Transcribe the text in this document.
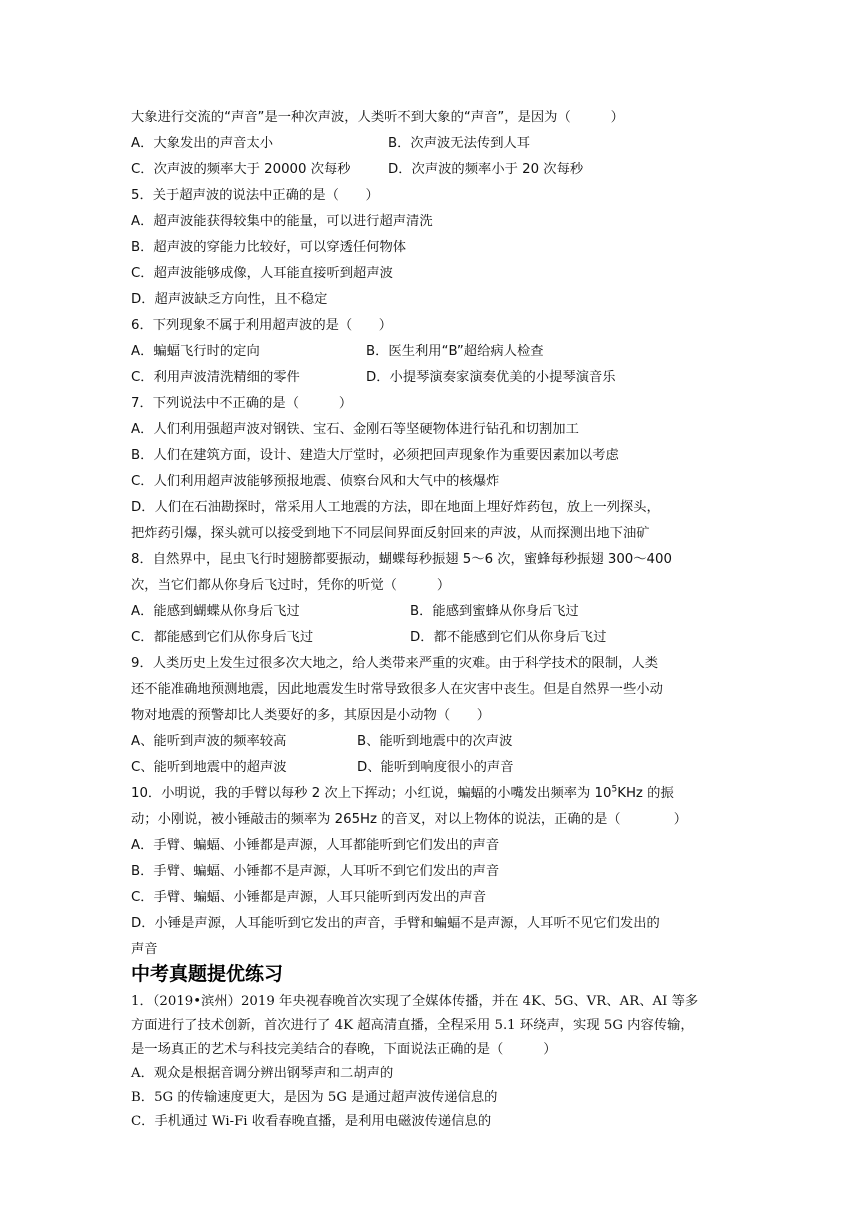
大象进行交流的“声音”是一种次声波，人类听不到大象的“声音”，是因为（　　　）
A．大象发出的声音太小	B．次声波无法传到人耳
C．次声波的频率大于 20000 次每秒	D．次声波的频率小于 20 次每秒
5．关于超声波的说法中正确的是（　　）
A．超声波能获得较集中的能量，可以进行超声清洗
B．超声波的穿能力比较好，可以穿透任何物体
C．超声波能够成像，人耳能直接听到超声波
D．超声波缺乏方向性，且不稳定
6．下列现象不属于利用超声波的是（　　）
A．蝙蝠飞行时的定向	B．医生利用“B”超给病人检查
C．利用声波清洗精细的零件	D．小提琴演奏家演奏优美的小提琴演音乐
7．下列说法中不正确的是（　　　）
A．人们利用强超声波对钢铁、宝石、金刚石等坚硬物体进行钻孔和切割加工
B．人们在建筑方面，设计、建造大厅堂时，必须把回声现象作为重要因素加以考虑
C．人们利用超声波能够预报地震、侦察台风和大气中的核爆炸
D．人们在石油勘探时，常采用人工地震的方法，即在地面上埋好炸药包，放上一列探头，
把炸药引爆，探头就可以接受到地下不同层间界面反射回来的声波，从而探测出地下油矿
8．自然界中，昆虫飞行时翅膀都要振动，蝴蝶每秒振翅 5～6 次，蜜蜂每秒振翅 300～400
次，当它们都从你身后飞过时，凭你的听觉（　　　）
A．能感到蝴蝶从你身后飞过	B．能感到蜜蜂从你身后飞过
C．都能感到它们从你身后飞过	D．都不能感到它们从你身后飞过
9．人类历史上发生过很多次大地之，给人类带来严重的灾难。由于科学技术的限制，人类
还不能准确地预测地震，因此地震发生时常导致很多人在灾害中丧生。但是自然界一些小动
物对地震的预警却比人类要好的多，其原因是小动物（　　）
A、能听到声波的频率较高	B、能听到地震中的次声波
C、能听到地震中的超声波	D、能听到响度很小的声音
10．小明说，我的手臂以每秒 2 次上下挥动；小红说，蝙蝠的小嘴发出频率为 $10^5KHz$ 的振
动；小刚说，被小锤敲击的频率为 265Hz 的音叉，对以上物体的说法，正确的是（　　　　）
A．手臂、蝙蝠、小锤都是声源，人耳都能听到它们发出的声音
B．手臂、蝙蝠、小锤都不是声源，人耳听不到它们发出的声音
C．手臂、蝙蝠、小锤都是声源，人耳只能听到丙发出的声音
D．小锤是声源，人耳能听到它发出的声音，手臂和蝙蝠不是声源，人耳听不见它们发出的
声音
中考真题提优练习
1．（2019•滨州）2019 年央视春晚首次实现了全媒体传播，并在 4K、5G、VR、AR、AI 等多
方面进行了技术创新，首次进行了 4K 超高清直播，全程采用 5.1 环绕声，实现 5G 内容传输，
是一场真正的艺术与科技完美结合的春晚，下面说法正确的是（　　　）
A．观众是根据音调分辨出钢琴声和二胡声的
B．5G 的传输速度更大，是因为 5G 是通过超声波传递信息的
C．手机通过 Wi-Fi 收看春晚直播，是利用电磁波传递信息的
